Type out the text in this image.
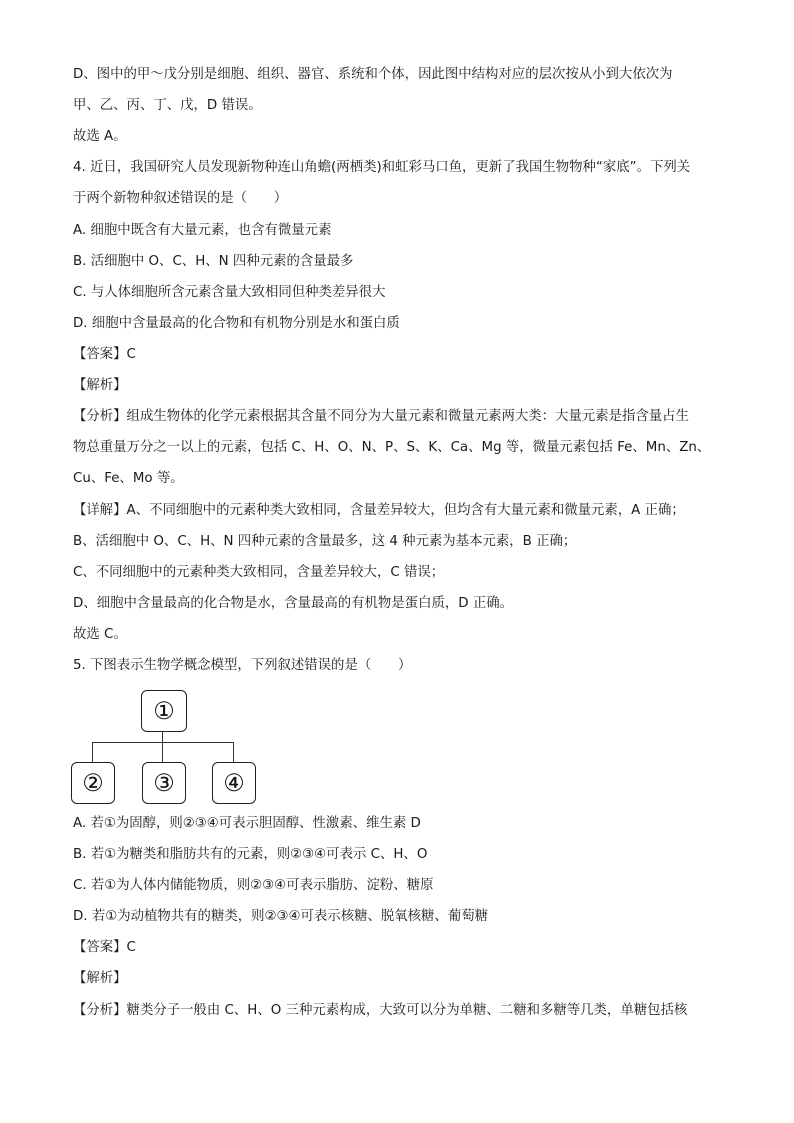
D、图中的甲～戊分别是细胞、组织、器官、系统和个体，因此图中结构对应的层次按从小到大依次为
甲、乙、丙、丁、戊，D 错误。
故选 A。
4. 近日，我国研究人员发现新物种连山角蟾(两栖类)和虹彩马口鱼，更新了我国生物物种“家底”。下列关
于两个新物种叙述错误的是（　　）
A. 细胞中既含有大量元素，也含有微量元素
B. 活细胞中 O、C、H、N 四种元素的含量最多
C. 与人体细胞所含元素含量大致相同但种类差异很大
D. 细胞中含量最高的化合物和有机物分别是水和蛋白质
【答案】C
【解析】
【分析】组成生物体的化学元素根据其含量不同分为大量元素和微量元素两大类：大量元素是指含量占生
物总重量万分之一以上的元素，包括 C、H、O、N、P、S、K、Ca、Mg 等，微量元素包括 Fe、Mn、Zn、
Cu、Fe、Mo 等。
【详解】A、不同细胞中的元素种类大致相同，含量差异较大，但均含有大量元素和微量元素，A 正确；
B、活细胞中 O、C、H、N 四种元素的含量最多，这 4 种元素为基本元素，B 正确；
C、不同细胞中的元素种类大致相同，含量差异较大，C 错误；
D、细胞中含量最高的化合物是水，含量最高的有机物是蛋白质，D 正确。
故选 C。
5. 下图表示生物学概念模型，下列叙述错误的是（　　）
①
②	③	④
A. 若①为固醇，则②③④可表示胆固醇、性激素、维生素 D
B. 若①为糖类和脂肪共有的元素，则②③④可表示 C、H、O
C. 若①为人体内储能物质，则②③④可表示脂肪、淀粉、糖原
D. 若①为动植物共有的糖类，则②③④可表示核糖、脱氧核糖、葡萄糖
【答案】C
【解析】
【分析】糖类分子一般由 C、H、O 三种元素构成，大致可以分为单糖、二糖和多糖等几类，单糖包括核
